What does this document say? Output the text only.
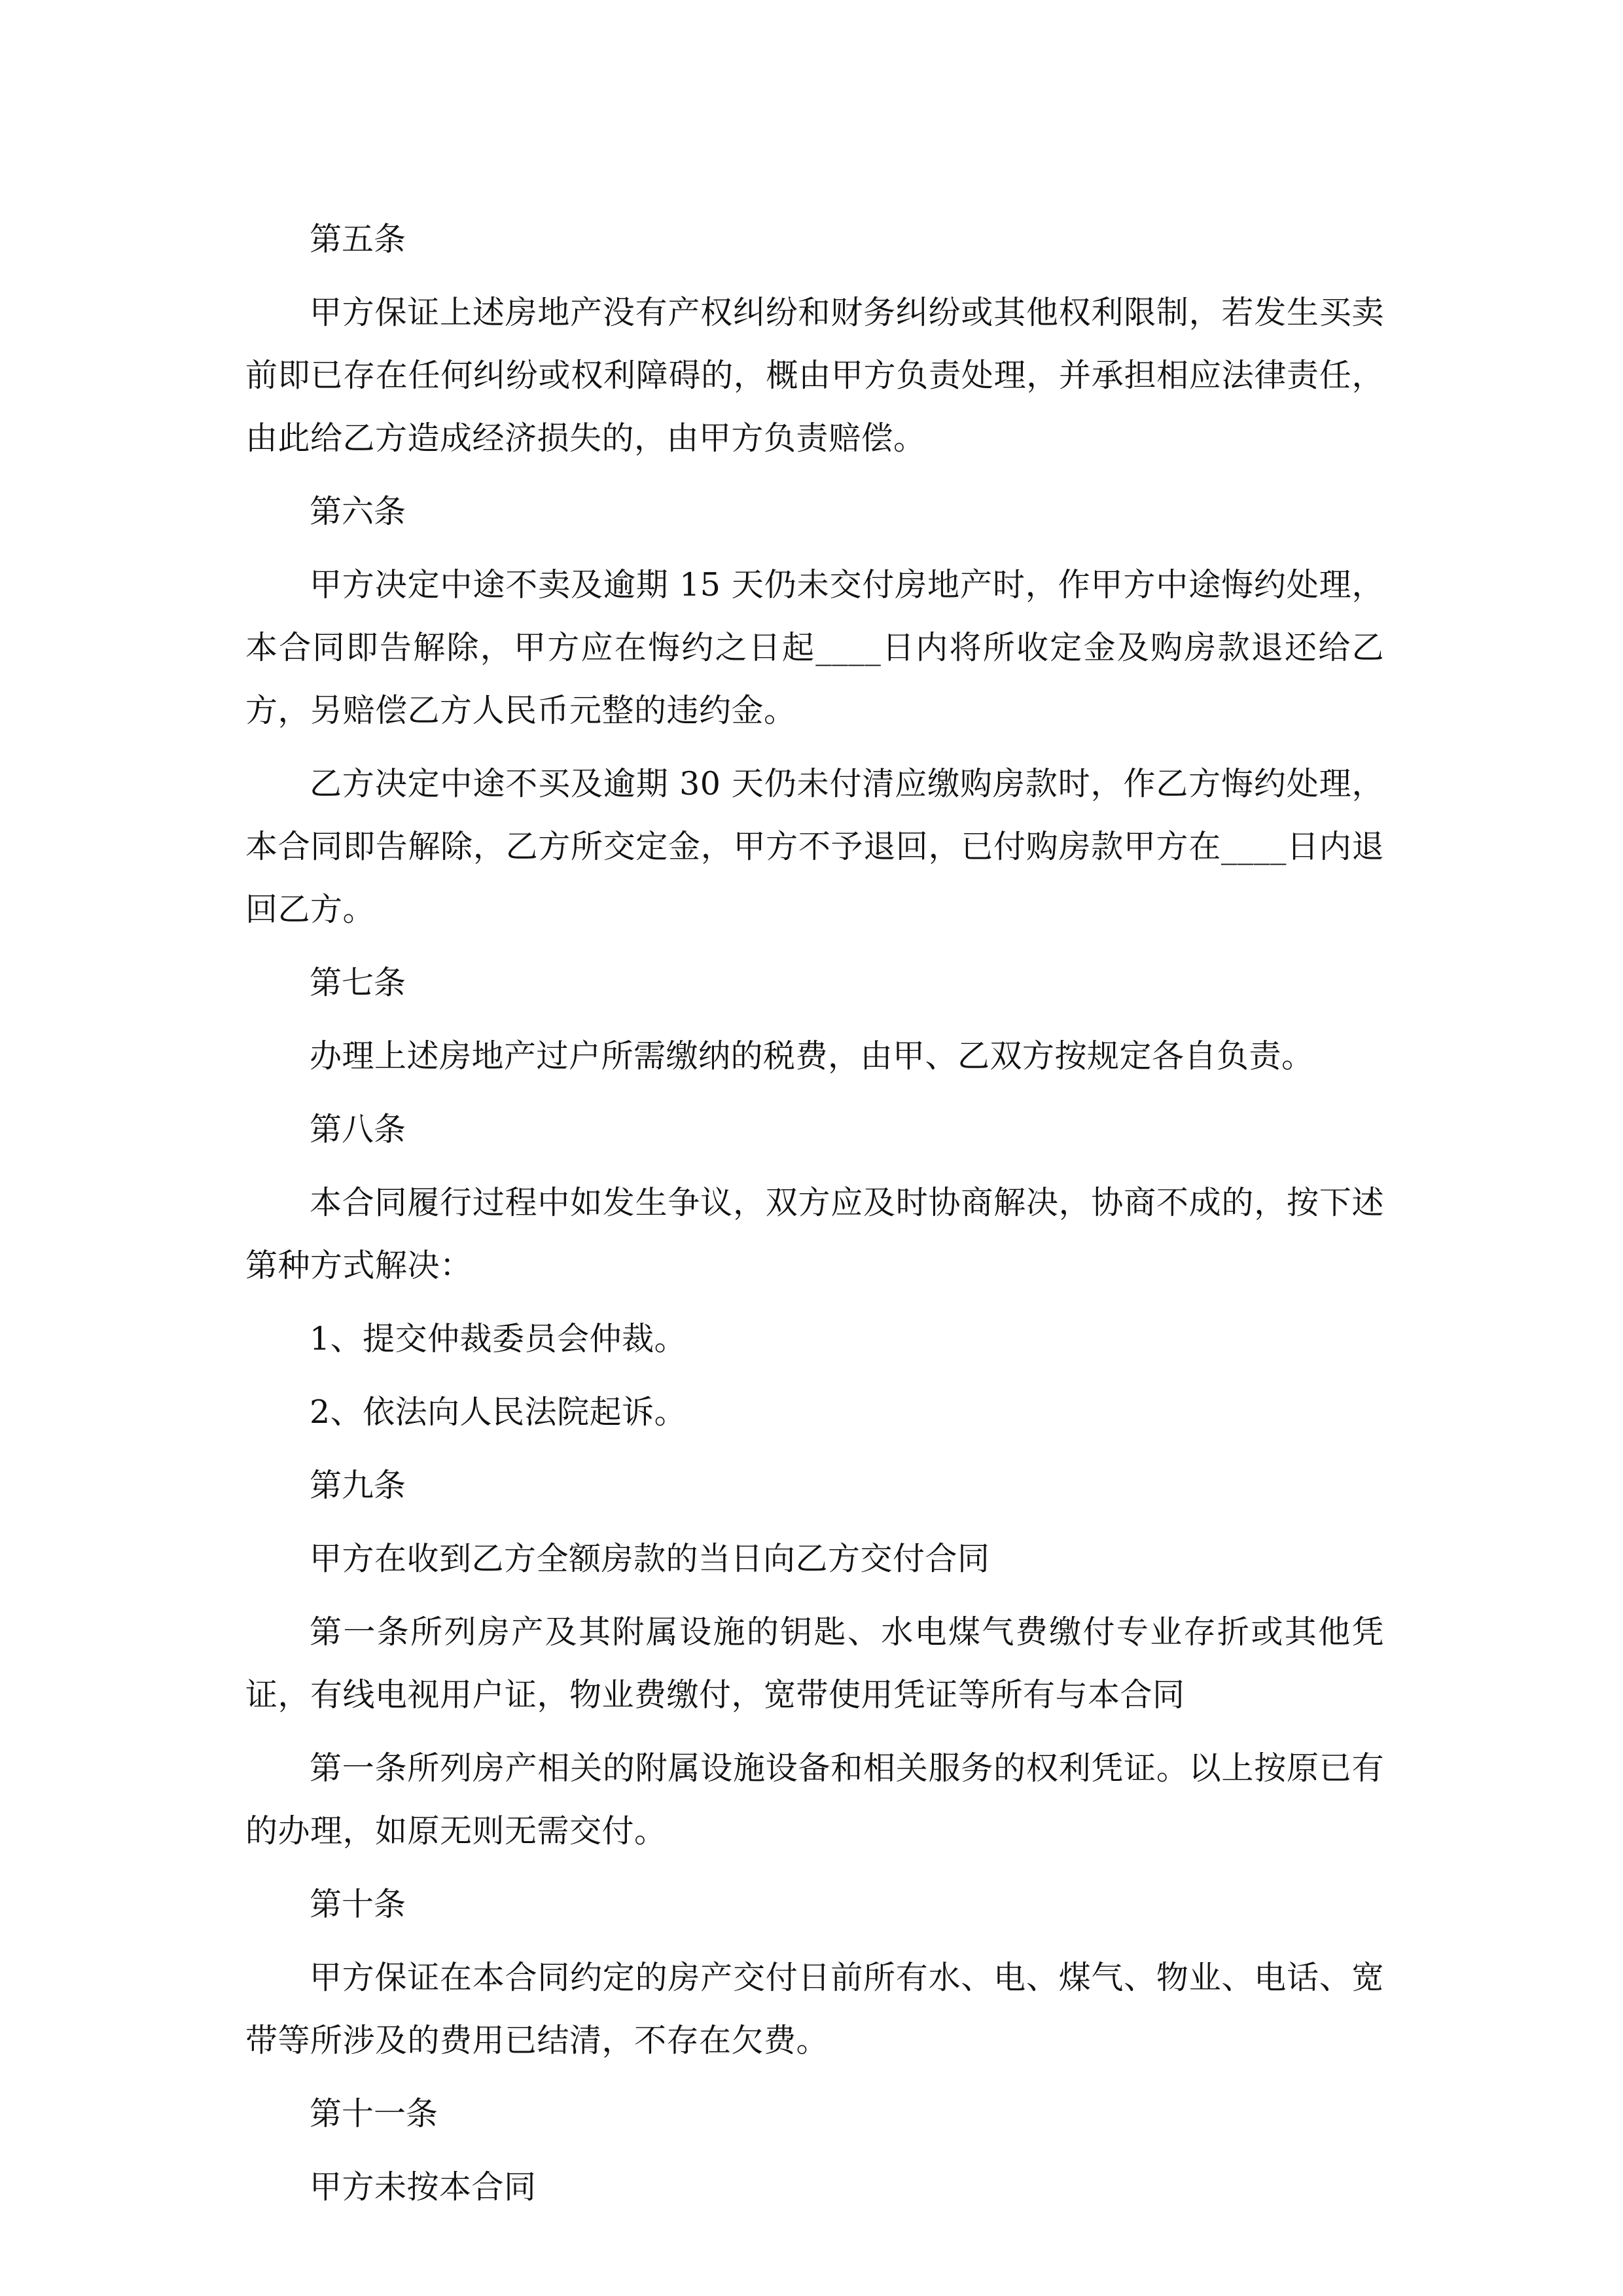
第五条

甲方保证上述房地产没有产权纠纷和财务纠纷或其他权利限制，若发生买卖前即已存在任何纠纷或权利障碍的，概由甲方负责处理，并承担相应法律责任，由此给乙方造成经济损失的，由甲方负责赔偿。

第六条

甲方决定中途不卖及逾期 15 天仍未交付房地产时，作甲方中途悔约处理，本合同即告解除，甲方应在悔约之日起____日内将所收定金及购房款退还给乙方，另赔偿乙方人民币元整的违约金。

乙方决定中途不买及逾期 30 天仍未付清应缴购房款时，作乙方悔约处理，本合同即告解除，乙方所交定金，甲方不予退回，已付购房款甲方在____日内退回乙方。

第七条

办理上述房地产过户所需缴纳的税费，由甲、乙双方按规定各自负责。

第八条

本合同履行过程中如发生争议，双方应及时协商解决，协商不成的，按下述第种方式解决：

1、提交仲裁委员会仲裁。

2、依法向人民法院起诉。

第九条

甲方在收到乙方全额房款的当日向乙方交付合同

第一条所列房产及其附属设施的钥匙、水电煤气费缴付专业存折或其他凭证，有线电视用户证，物业费缴付，宽带使用凭证等所有与本合同

第一条所列房产相关的附属设施设备和相关服务的权利凭证。以上按原已有的办理，如原无则无需交付。

第十条

甲方保证在本合同约定的房产交付日前所有水、电、煤气、物业、电话、宽带等所涉及的费用已结清，不存在欠费。

第十一条

甲方未按本合同
